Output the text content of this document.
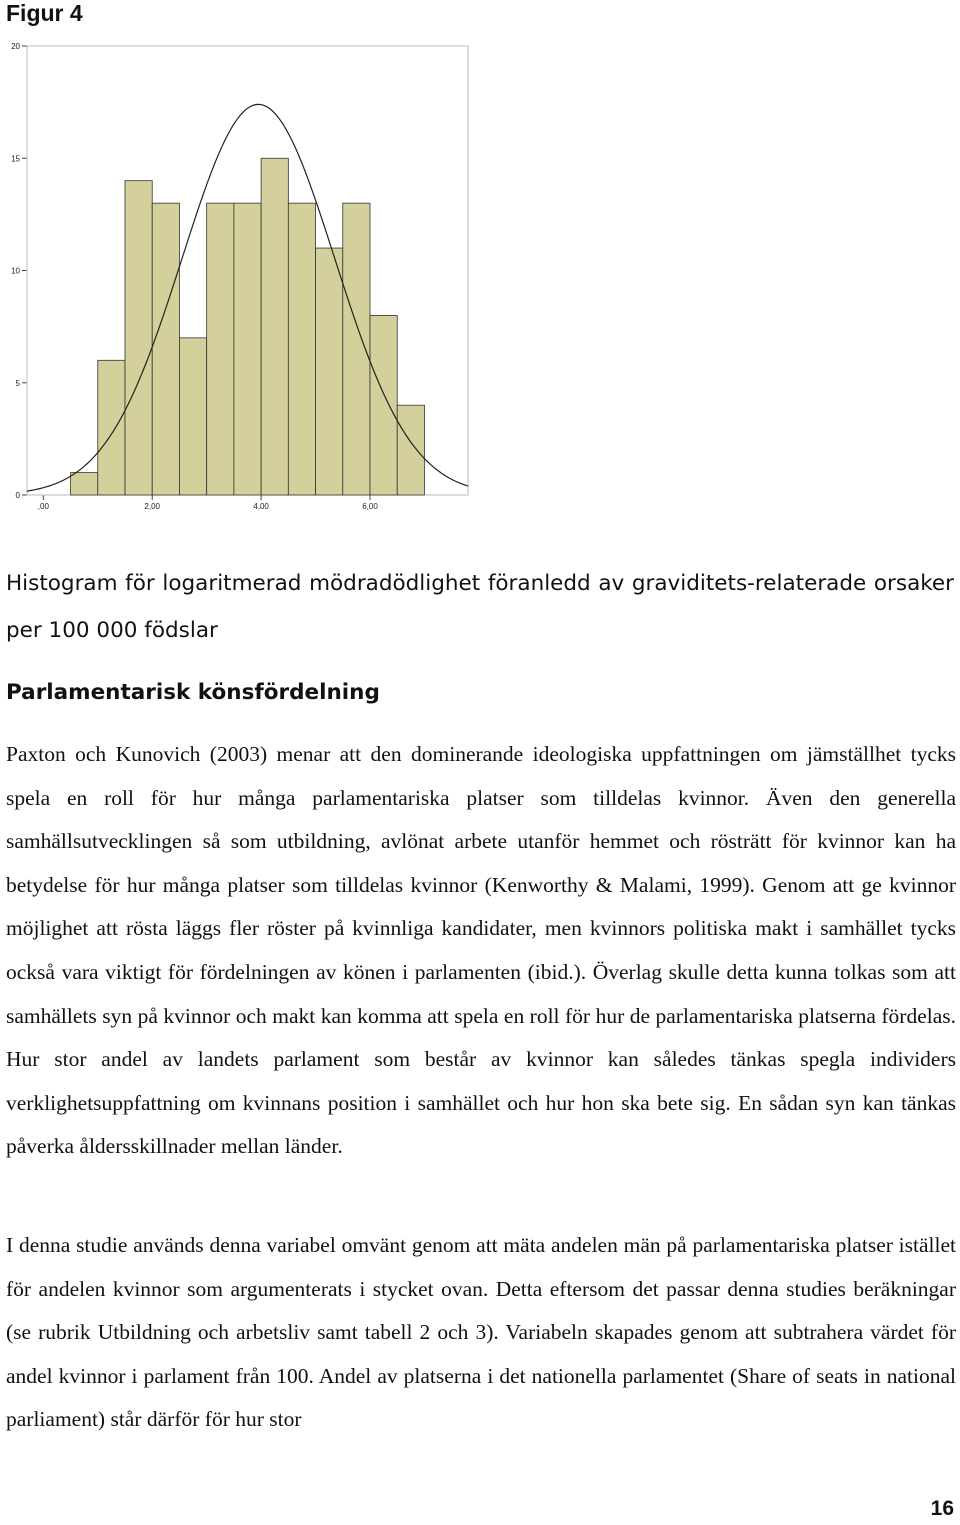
Figur 4
0
5
10
15
20
,00	2,00	4,00	6,00

Histogram för logaritmerad mödradödlighet föranledd av graviditets-relaterade orsaker per 100 000 födslar

Parlamentarisk könsfördelning

Paxton och Kunovich (2003) menar att den dominerande ideologiska uppfattningen om jämställhet tycks spela en roll för hur många parlamentariska platser som tilldelas kvinnor. Även den generella samhällsutvecklingen så som utbildning, avlönat arbete utanför hemmet och rösträtt för kvinnor kan ha betydelse för hur många platser som tilldelas kvinnor (Kenworthy & Malami, 1999). Genom att ge kvinnor möjlighet att rösta läggs fler röster på kvinnliga kandidater, men kvinnors politiska makt i samhället tycks också vara viktigt för fördelningen av könen i parlamenten (ibid.). Överlag skulle detta kunna tolkas som att samhällets syn på kvinnor och makt kan komma att spela en roll för hur de parlamentariska platserna fördelas. Hur stor andel av landets parlament som består av kvinnor kan således tänkas spegla individers verklighetsuppfattning om kvinnans position i samhället och hur hon ska bete sig. En sådan syn kan tänkas påverka åldersskillnader mellan länder.

I denna studie används denna variabel omvänt genom att mäta andelen män på parlamentariska platser istället för andelen kvinnor som argumenterats i stycket ovan. Detta eftersom det passar denna studies beräkningar (se rubrik Utbildning och arbetsliv samt tabell 2 och 3). Variabeln skapades genom att subtrahera värdet för andel kvinnor i parlament från 100. Andel av platserna i det nationella parlamentet (Share of seats in national parliament) står därför för hur stor

16
